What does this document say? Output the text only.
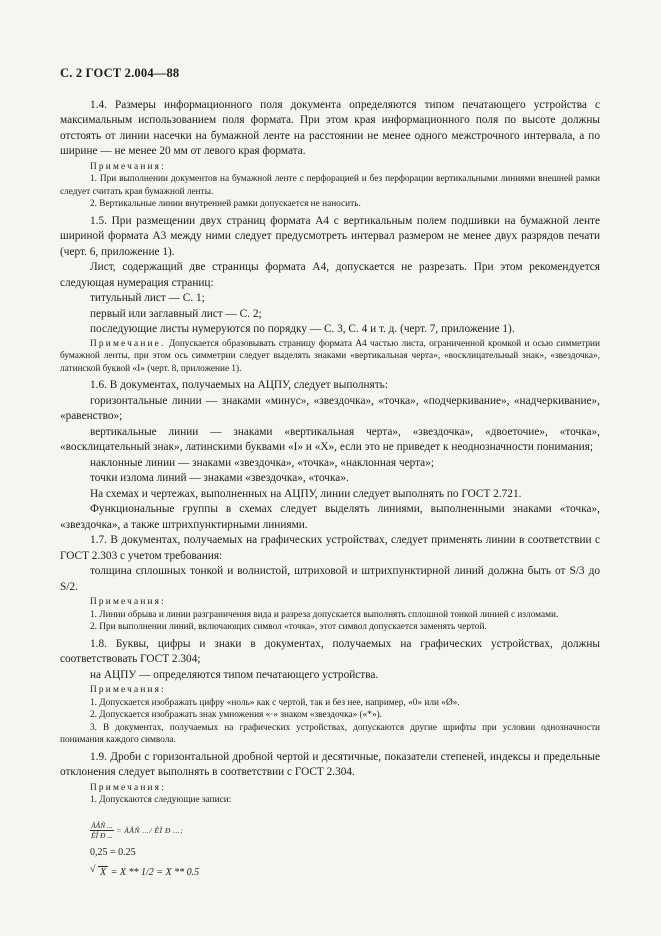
С. 2 ГОСТ 2.004—88

1.4. Размеры информационного поля документа определяются типом печатающего устройства с максимальным использованием поля формата. При этом края информационного поля по высоте должны отстоять от линии насечки на бумажной ленте на расстоянии не менее одного межстрочного интервала, а по ширине — не менее 20 мм от левого края формата.

Примечания:

1. При выполнении документов на бумажной ленте с перфорацией и без перфорации вертикальными линиями внешней рамки следует считать края бумажной ленты.

2. Вертикальные линии внутренней рамки допускается не наносить.

1.5. При размещении двух страниц формата А4 с вертикальным полем подшивки на бумажной ленте шириной формата А3 между ними следует предусмотреть интервал размером не менее двух разрядов печати (черт. 6, приложение 1).

Лист, содержащий две страницы формата А4, допускается не разрезать. При этом рекомендуется следующая нумерация страниц:

титульный лист — С. 1;

первый или заглавный лист — С. 2;

последующие листы нумеруются по порядку — С. 3, С. 4 и т. д. (черт. 7, приложение 1).

Примечание. Допускается образовывать страницу формата А4 частью листа, ограниченной кромкой и осью симметрии бумажной ленты, при этом ось симметрии следует выделять знаками «вертикальная черта», «восклицательный знак», «звездочка», латинской буквой «I» (черт. 8, приложение 1).

1.6. В документах, получаемых на АЦПУ, следует выполнять:

горизонтальные линии — знаками «минус», «звездочка», «точка», «подчеркивание», «надчеркивание», «равенство»;

вертикальные линии — знаками «вертикальная черта», «звездочка», «двоеточие», «точка», «восклицательный знак», латинскими буквами «I» и «X», если это не приведет к неоднозначности понимания;

наклонные линии — знаками «звездочка», «точка», «наклонная черта»;

точки излома линий — знаками «звездочка», «точка».

На схемах и чертежах, выполненных на АЦПУ, линии следует выполнять по ГОСТ 2.721.

Функциональные группы в схемах следует выделять линиями, выполненными знаками «точка», «звездочка», а также штрихпунктирными линиями.

1.7. В документах, получаемых на графических устройствах, следует применять линии в соответствии с ГОСТ 2.303 с учетом требования:

толщина сплошных тонкой и волнистой, штриховой и штрихпунктирной линий должна быть от S/3 до S/2.

Примечания:

1. Линии обрыва и линии разграничения вида и разреза допускается выполнять сплошной тонкой линией с изломами.

2. При выполнении линий, включающих символ «точка», этот символ допускается заменять чертой.

1.8. Буквы, цифры и знаки в документах, получаемых на графических устройствах, должны соответствовать ГОСТ 2.304;

на АЦПУ — определяются типом печатающего устройства.

Примечания:

1. Допускается изображать цифру «ноль» как с чертой, так и без нее, например, «0» или «Ø».

2. Допускается изображать знак умножения «·» знаком «звездочка» («*»).

3. В документах, получаемых на графических устройствах, допускаются другие шрифты при условии однозначности понимания каждого символа.

1.9. Дроби с горизонтальной дробной чертой и десятичные, показатели степеней, индексы и предельные отклонения следует выполнять в соответствии с ГОСТ 2.304.

Примечания:

1. Допускаются следующие записи:

$\frac{\text{ÀÂÑ ...}}{\text{ÊÎ Ð ...}}$ = ÀÂÑ .../ ÊÎ Ð ...;
0,25 = 0.25
√ X = X ** 1/2 = X ** 0.5
